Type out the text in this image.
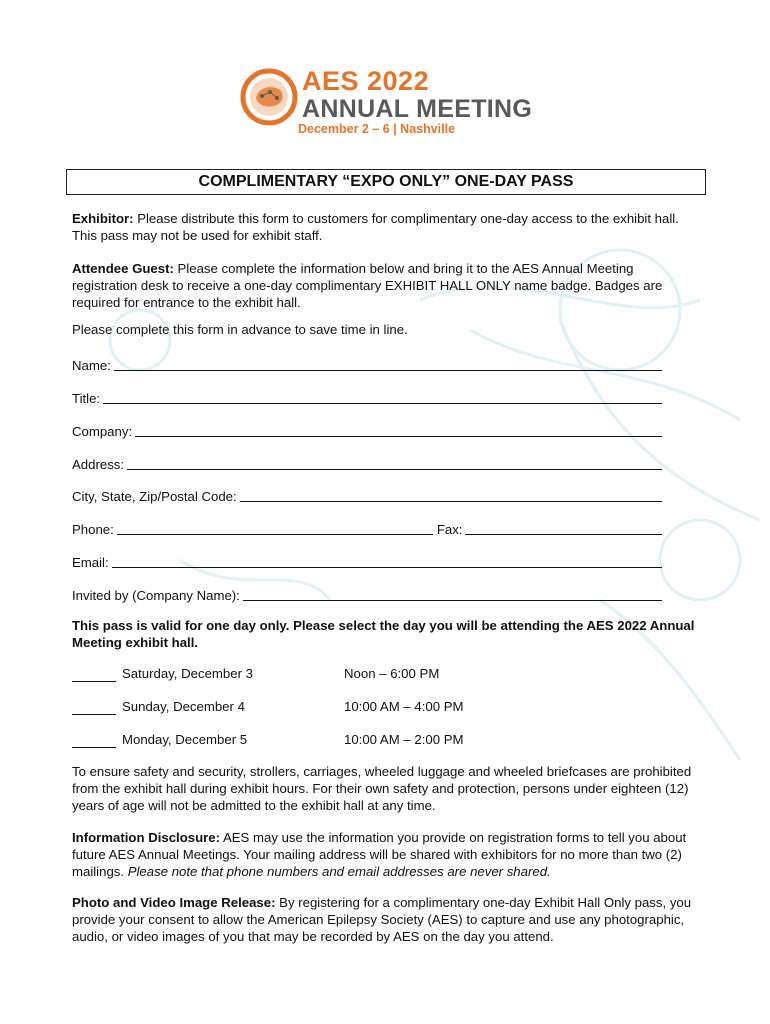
AES 2022
ANNUAL MEETING
December 2 – 6 | Nashville
COMPLIMENTARY “EXPO ONLY” ONE-DAY PASS
Exhibitor: Please distribute this form to customers for complimentary one-day access to the exhibit hall. This pass may not be used for exhibit staff.
Attendee Guest: Please complete the information below and bring it to the AES Annual Meeting registration desk to receive a one-day complimentary EXHIBIT HALL ONLY name badge. Badges are required for entrance to the exhibit hall.
Please complete this form in advance to save time in line.
Name:
Title:
Company:
Address:
City, State, Zip/Postal Code:
Phone:	Fax:
Email:
Invited by (Company Name):
This pass is valid for one day only. Please select the day you will be attending the AES 2022 Annual Meeting exhibit hall.
Saturday, December 3	Noon – 6:00 PM
Sunday, December 4	10:00 AM – 4:00 PM
Monday, December 5	10:00 AM – 2:00 PM
To ensure safety and security, strollers, carriages, wheeled luggage and wheeled briefcases are prohibited from the exhibit hall during exhibit hours. For their own safety and protection, persons under eighteen (12) years of age will not be admitted to the exhibit hall at any time.
Information Disclosure: AES may use the information you provide on registration forms to tell you about future AES Annual Meetings. Your mailing address will be shared with exhibitors for no more than two (2) mailings. Please note that phone numbers and email addresses are never shared.
Photo and Video Image Release: By registering for a complimentary one-day Exhibit Hall Only pass, you provide your consent to allow the American Epilepsy Society (AES) to capture and use any photographic, audio, or video images of you that may be recorded by AES on the day you attend.
